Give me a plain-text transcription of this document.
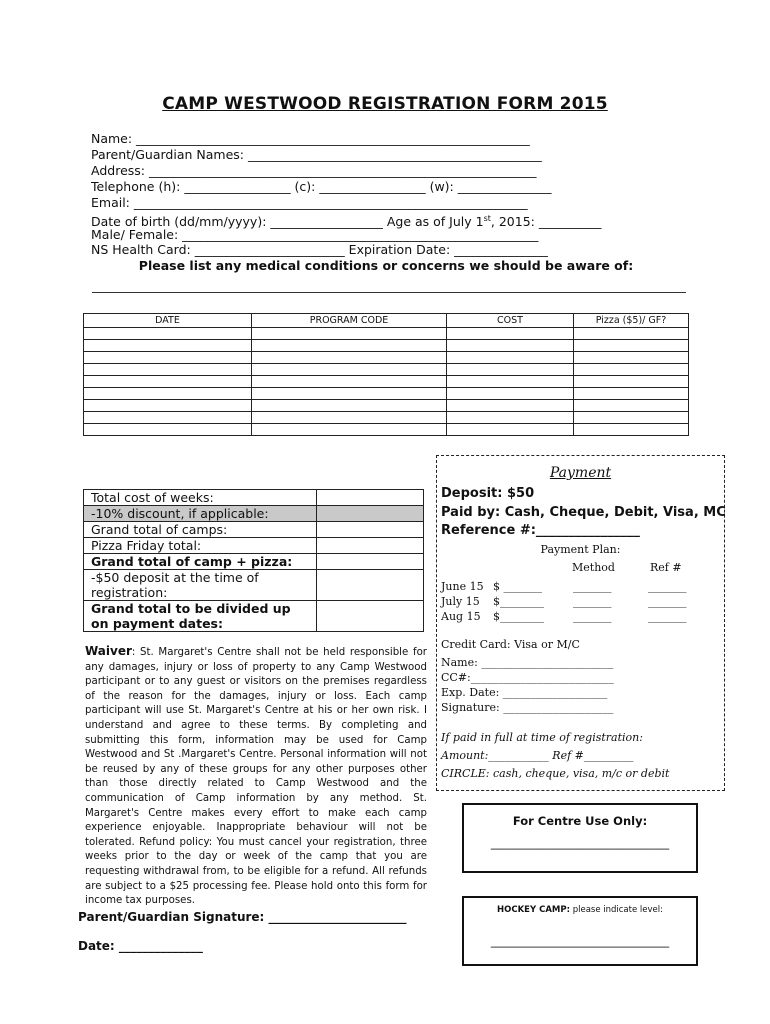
CAMP WESTWOOD REGISTRATION FORM 2015
Name: _______________________________________________________________
Parent/Guardian Names: _______________________________________________
Address: ______________________________________________________________
Telephone (h): _________________ (c): _________________ (w): _______________
Email: _______________________________________________________________
Date of birth (dd/mm/yyyy): __________________ Age as of July 1st, 2015: __________
Male/ Female: _________________________________________________________
NS Health Card: ________________________ Expiration Date: _______________
Please list any medical conditions or concerns we should be aware of:
DATE	PROGRAM CODE	COST	Pizza ($5)/ GF?

Total cost of weeks:	
-10% discount, if applicable:	
Grand total of camps:	
Pizza Friday total:	
Grand total of camp + pizza:	
-$50 deposit at the time of registration:	
Grand total to be divided up on payment dates:	
Waiver: St. Margaret's Centre shall not be held responsible for any damages, injury or loss of property to any Camp Westwood participant or to any guest or visitors on the premises regardless of the reason for the damages, injury or loss. Each camp participant will use St. Margaret's Centre at his or her own risk. I understand and agree to these terms. By completing and submitting this form, information may be used for Camp Westwood and St .Margaret's Centre. Personal information will not be reused by any of these groups for any other purposes other than those directly related to Camp Westwood and the communication of Camp information by any method. St. Margaret's Centre makes every effort to make each camp experience enjoyable. Inappropriate behaviour will not be tolerated. Refund policy: You must cancel your registration, three weeks prior to the day or week of the camp that you are requesting withdrawal from, to be eligible for a refund. All refunds are subject to a $25 processing fee. Please hold onto this form for income tax purposes.
Parent/Guardian Signature: _______________________
Date: ______________
Payment
Deposit: $50
Paid by: Cash, Cheque, Debit, Visa, MC
Reference #:________________
Payment Plan:
Method	Ref #
June 15 $ _______	_______	_______
July 15 $________	_______	_______
Aug 15 $________	_______	_______
Credit Card: Visa or M/C
Name: ________________________
CC#:__________________________
Exp. Date: ___________________
Signature: ____________________
If paid in full at time of registration:
Amount:___________ Ref #_________
CIRCLE: cash, cheque, visa, m/c or debit
For Centre Use Only:
_______________________________
HOCKEY CAMP: please indicate level:
_______________________________
